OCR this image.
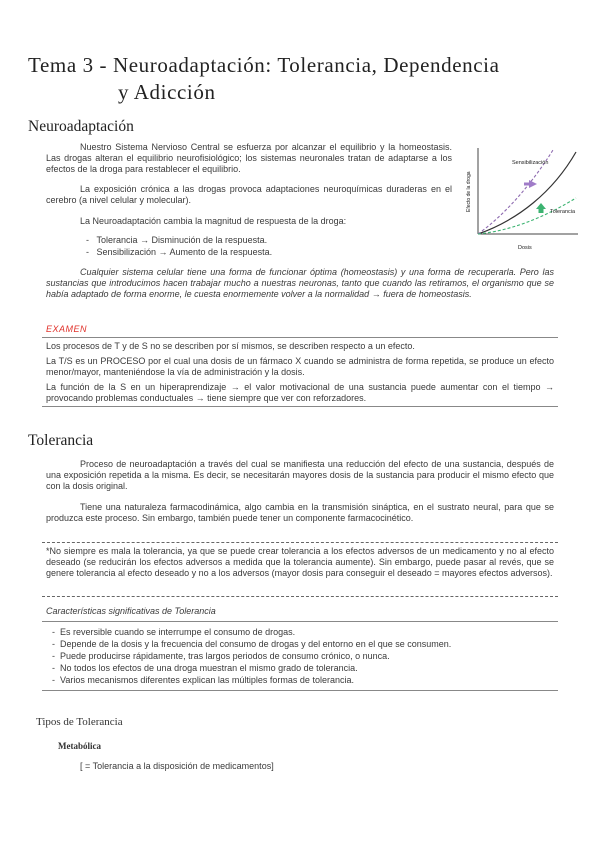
Tema 3 - Neuroadaptación: Tolerancia, Dependencia
y Adicción
Neuroadaptación

Nuestro Sistema Nervioso Central se esfuerza por alcanzar el equilibrio y la homeostasis. Las drogas alteran el equilibrio neurofisiológico; los sistemas neuronales tratan de adaptarse a los efectos de la droga para restablecer el equilibrio.

La exposición crónica a las drogas provoca adaptaciones neuroquímicas duraderas en el cerebro (a nivel celular y molecular).

La Neuroadaptación cambia la magnitud de respuesta de la droga:

-   Tolerancia → Disminución de la respuesta.
-   Sensibilización → Aumento de la respuesta.
Sensibilización
Tolerancia
Dosis
Efecto de la droga

Cualquier sistema celular tiene una forma de funcionar óptima (homeostasis) y una forma de recuperarla. Pero las sustancias que introducimos hacen trabajar mucho a nuestras neuronas, tanto que cuando las retiramos, el organismo que se había adaptado de forma enorme, le cuesta enormemente volver a la normalidad → fuera de homeostasis.

EXAMEN

Los procesos de T y de S no se describen por sí mismos, se describen respecto a un efecto.

La T/S es un PROCESO por el cual una dosis de un fármaco X cuando se administra de forma repetida, se produce un efecto menor/mayor, manteniéndose la vía de administración y la dosis.

La función de la S en un hiperaprendizaje → el valor motivacional de una sustancia puede aumentar con el tiempo → provocando problemas conductuales → tiene siempre que ver con reforzadores.

Tolerancia

Proceso de neuroadaptación a través del cual se manifiesta una reducción del efecto de una sustancia, después de una exposición repetida a la misma. Es decir, se necesitarán mayores dosis de la sustancia para producir el mismo efecto que con la dosis original.

Tiene una naturaleza farmacodinámica, algo cambia en la transmisión sináptica, en el sustrato neural, para que se produzca este proceso. Sin embargo, también puede tener un componente farmacocinético.

*No siempre es mala la tolerancia, ya que se puede crear tolerancia a los efectos adversos de un medicamento y no al efecto deseado (se reducirán los efectos adversos a medida que la tolerancia aumente). Sin embargo, puede pasar al revés, que se genere tolerancia al efecto deseado y no a los adversos (mayor dosis para conseguir el deseado = mayores efectos adversos).

Características significativas de Tolerancia
-  Es reversible cuando se interrumpe el consumo de drogas.
-  Depende de la dosis y la frecuencia del consumo de drogas y del entorno en el que se consumen.
-  Puede producirse rápidamente, tras largos periodos de consumo crónico, o nunca.
-  No todos los efectos de una droga muestran el mismo grado de tolerancia.
-  Varios mecanismos diferentes explican las múltiples formas de tolerancia.
Tipos de Tolerancia
Metabólica
[ = Tolerancia a la disposición de medicamentos]
